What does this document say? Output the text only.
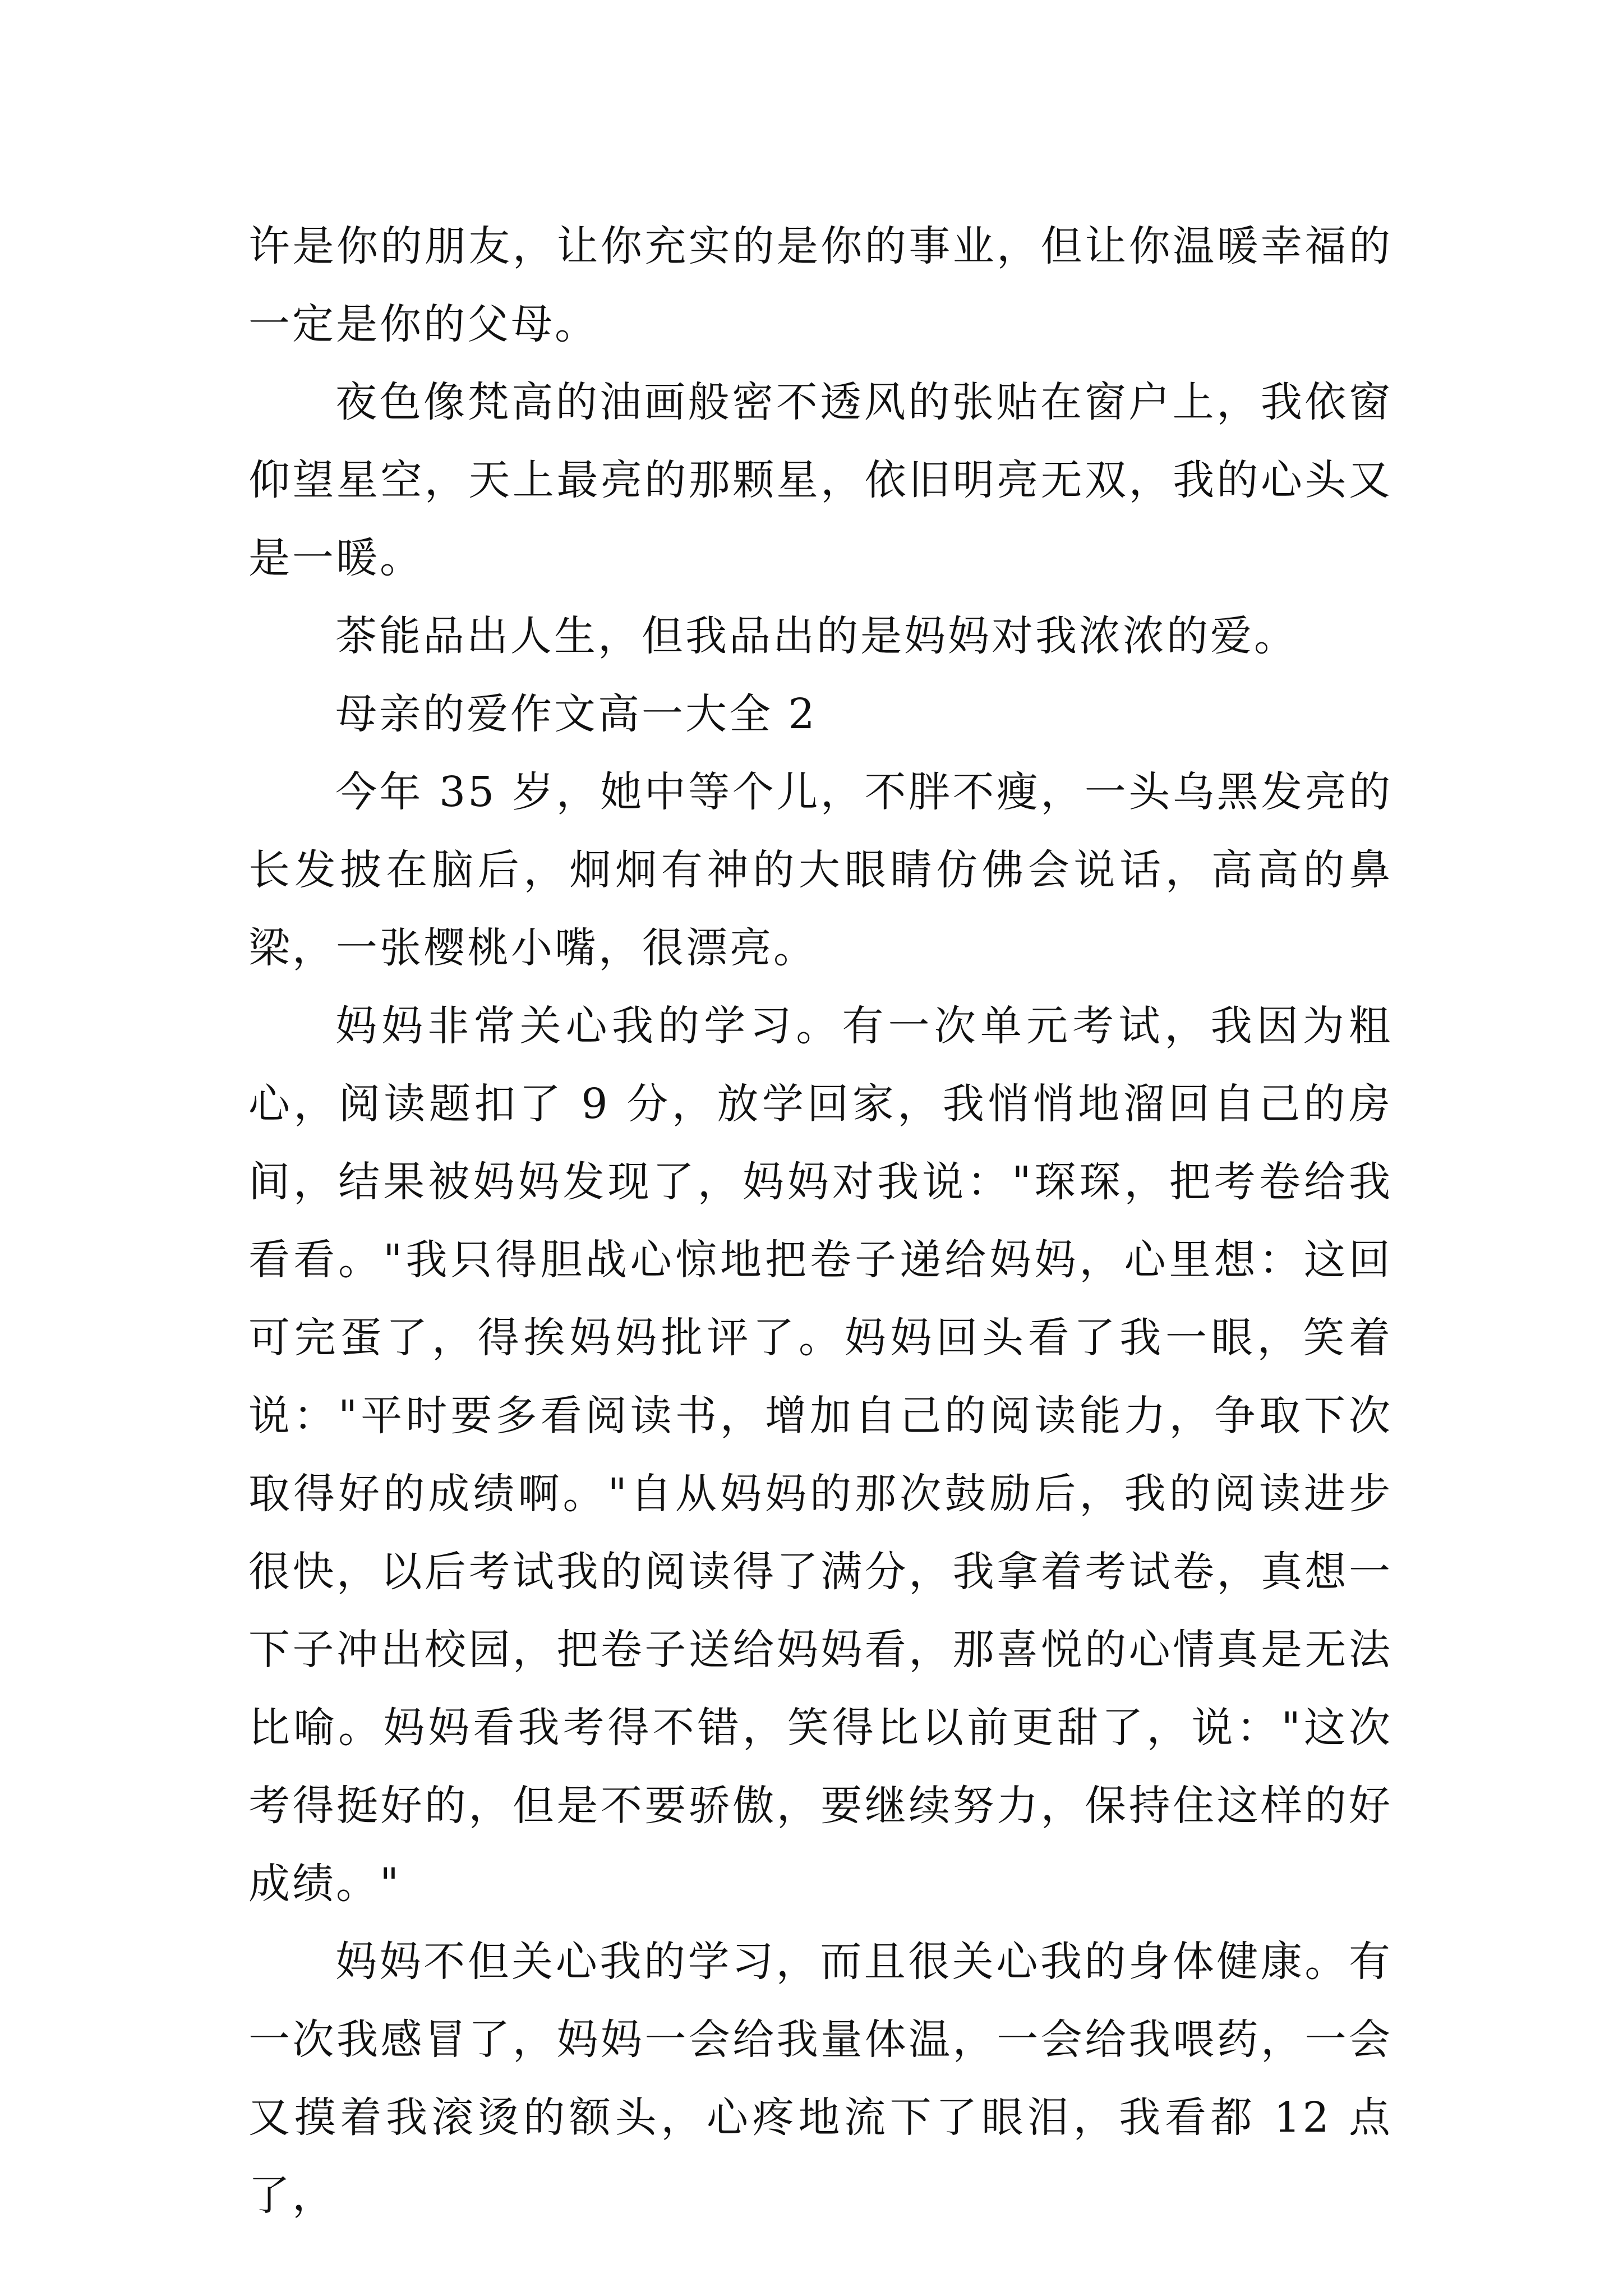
许是你的朋友，让你充实的是你的事业，但让你温暖幸福的一定是你的父母。

夜色像梵高的油画般密不透风的张贴在窗户上，我依窗仰望星空，天上最亮的那颗星，依旧明亮无双，我的心头又是一暖。

茶能品出人生，但我品出的是妈妈对我浓浓的爱。

母亲的爱作文高一大全 2

今年 35 岁，她中等个儿，不胖不瘦，一头乌黑发亮的长发披在脑后，炯炯有神的大眼睛仿佛会说话，高高的鼻梁，一张樱桃小嘴，很漂亮。

妈妈非常关心我的学习。有一次单元考试，我因为粗心，阅读题扣了 9 分，放学回家，我悄悄地溜回自己的房间，结果被妈妈发现了，妈妈对我说："琛琛，把考卷给我看看。"我只得胆战心惊地把卷子递给妈妈，心里想：这回可完蛋了，得挨妈妈批评了。妈妈回头看了我一眼，笑着说："平时要多看阅读书，增加自己的阅读能力，争取下次取得好的成绩啊。"自从妈妈的那次鼓励后，我的阅读进步很快，以后考试我的阅读得了满分，我拿着考试卷，真想一下子冲出校园，把卷子送给妈妈看，那喜悦的心情真是无法比喻。妈妈看我考得不错，笑得比以前更甜了，说："这次考得挺好的，但是不要骄傲，要继续努力，保持住这样的好成绩。"

妈妈不但关心我的学习，而且很关心我的身体健康。有一次我感冒了，妈妈一会给我量体温，一会给我喂药，一会又摸着我滚烫的额头，心疼地流下了眼泪，我看都 12 点了，
